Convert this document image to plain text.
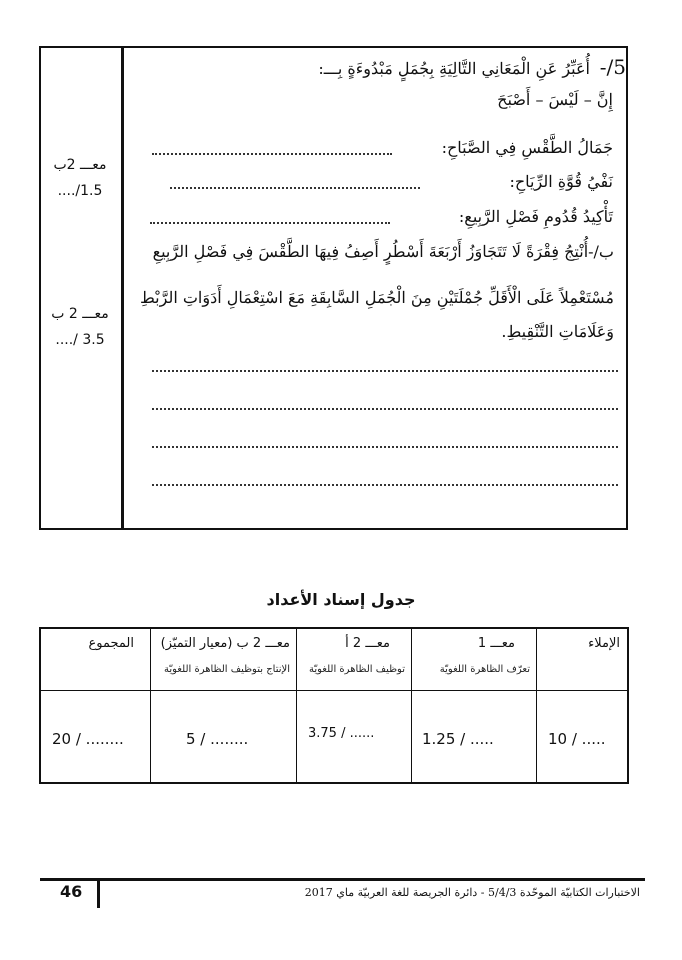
معـــ 2ب
1.5/....
معـــ 2 ب
3.5 /....
5/-
أُعَبِّرُ عَنِ الْمَعَانِي التَّالِيَةِ بِجُمَلٍ مَبْدُوءَةٍ بِـــ:
إِنَّ – لَيْسَ – أَصْبَحَ
جَمَالُ الطَّقْسِ فِي الصَّبَاحِ:
نَفْيُ قُوَّةِ الرِّيَاحِ:
تَأْكِيدُ قُدُومِ فَصْلِ الرَّبِيعِ:
ب/-أُنْتِجُ فِقْرَةً لَا تَتَجَاوَزُ أَرْبَعَةَ أَسْطُرٍ أَصِفُ فِيهَا الطَّقْسَ فِي فَصْلِ الرَّبِيعِ
مُسْتَعْمِلاً عَلَى الْأَقَلِّ جُمْلَتَيْنِ مِنَ الْجُمَلِ السَّابِقَةِ مَعَ اسْتِعْمَالِ أَدَوَاتِ الرَّبْطِ
وَعَلَامَاتِ التَّنْقِيطِ.
جدول إسناد الأعداد
الإملاء
معـــ 1
تعرّف الظاهرة اللغويّة
معـــ 2 أ
توظيف الظاهرة اللغويّة
معـــ 2 ب (معيار التميّز)
الإنتاج بتوظيف الظاهرة اللغويّة
المجموع
10 / .....
1.25 / .....
3.75 / ......
5 / ........
20 / ........
46	الاختبارات الكتابيّة الموحّدة 5/4/3 - دائرة الجريصة للغة العربيّة ماي 2017
